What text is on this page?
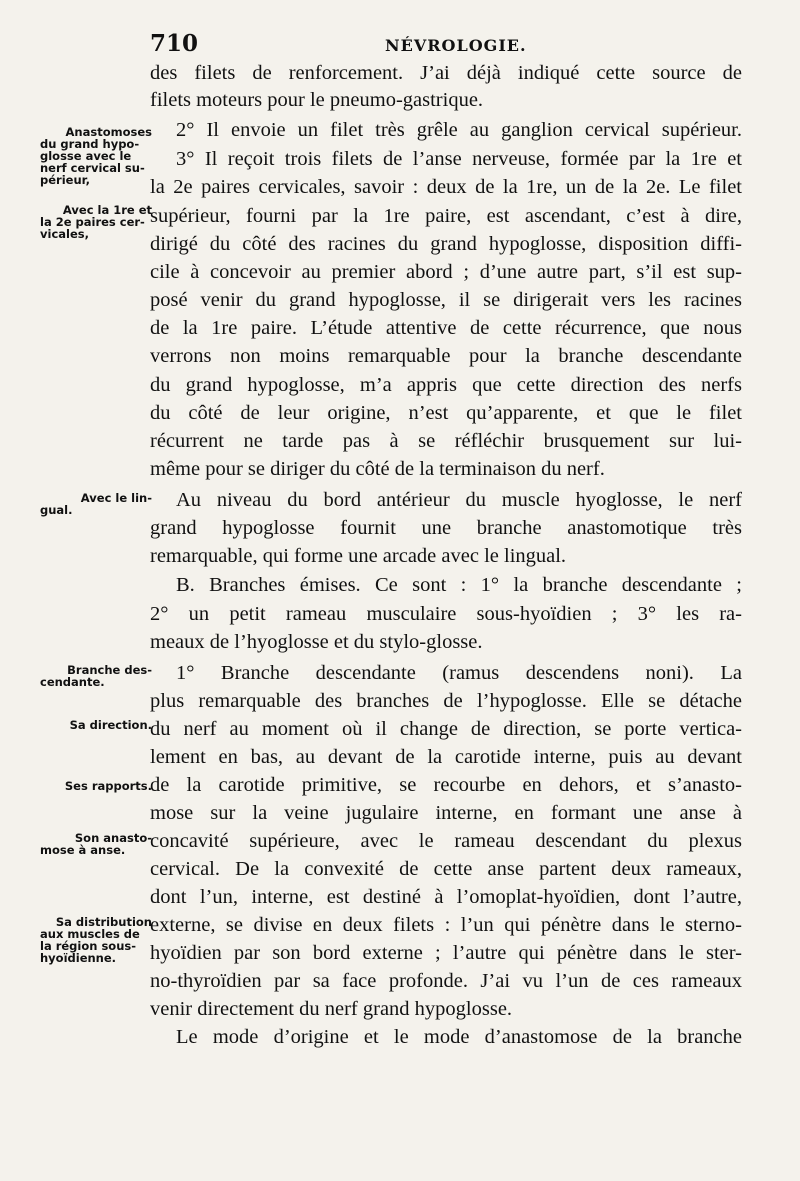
710	NÉVROLOGIE.
des filets de renforcement. J’ai déjà indiqué cette source de
filets moteurs pour le pneumo-gastrique.
2° Il envoie un filet très grêle au ganglion cervical supérieur.
3° Il reçoit trois filets de l’anse nerveuse, formée par la 1re et
la 2e paires cervicales, savoir : deux de la 1re, un de la 2e. Le filet
supérieur, fourni par la 1re paire, est ascendant, c’est à dire,
dirigé du côté des racines du grand hypoglosse, disposition diffi-
cile à concevoir au premier abord ; d’une autre part, s’il est sup-
posé venir du grand hypoglosse, il se dirigerait vers les racines
de la 1re paire. L’étude attentive de cette récurrence, que nous
verrons non moins remarquable pour la branche descendante
du grand hypoglosse, m’a appris que cette direction des nerfs
du côté de leur origine, n’est qu’apparente, et que le filet
récurrent ne tarde pas à se réfléchir brusquement sur lui-
même pour se diriger du côté de la terminaison du nerf.
Au niveau du bord antérieur du muscle hyoglosse, le nerf
grand hypoglosse fournit une branche anastomotique très
remarquable, qui forme une arcade avec le lingual.
B. Branches émises. Ce sont : 1° la branche descendante ;
2° un petit rameau musculaire sous-hyoïdien ; 3° les ra-
meaux de l’hyoglosse et du stylo-glosse.
1° Branche descendante (ramus descendens noni). La
plus remarquable des branches de l’hypoglosse. Elle se détache
du nerf au moment où il change de direction, se porte vertica-
lement en bas, au devant de la carotide interne, puis au devant
de la carotide primitive, se recourbe en dehors, et s’anasto-
mose sur la veine jugulaire interne, en formant une anse à
concavité supérieure, avec le rameau descendant du plexus
cervical. De la convexité de cette anse partent deux rameaux,
dont l’un, interne, est destiné à l’omoplat-hyoïdien, dont l’autre,
externe, se divise en deux filets : l’un qui pénètre dans le sterno-
hyoïdien par son bord externe ; l’autre qui pénètre dans le ster-
no-thyroïdien par sa face profonde. J’ai vu l’un de ces rameaux
venir directement du nerf grand hypoglosse.
Le mode d’origine et le mode d’anastomose de la branche
Anastomoses
du grand hypo-
glosse avec le
nerf cervical su-
périeur,
Avec la 1re et
la 2e paires cer-
vicales,
Avec le lin-
gual.
Branche des-
cendante.
Sa direction.
Ses rapports.
Son anasto-
mose à anse.
Sa distribution
aux muscles de
la région sous-
hyoïdienne.
